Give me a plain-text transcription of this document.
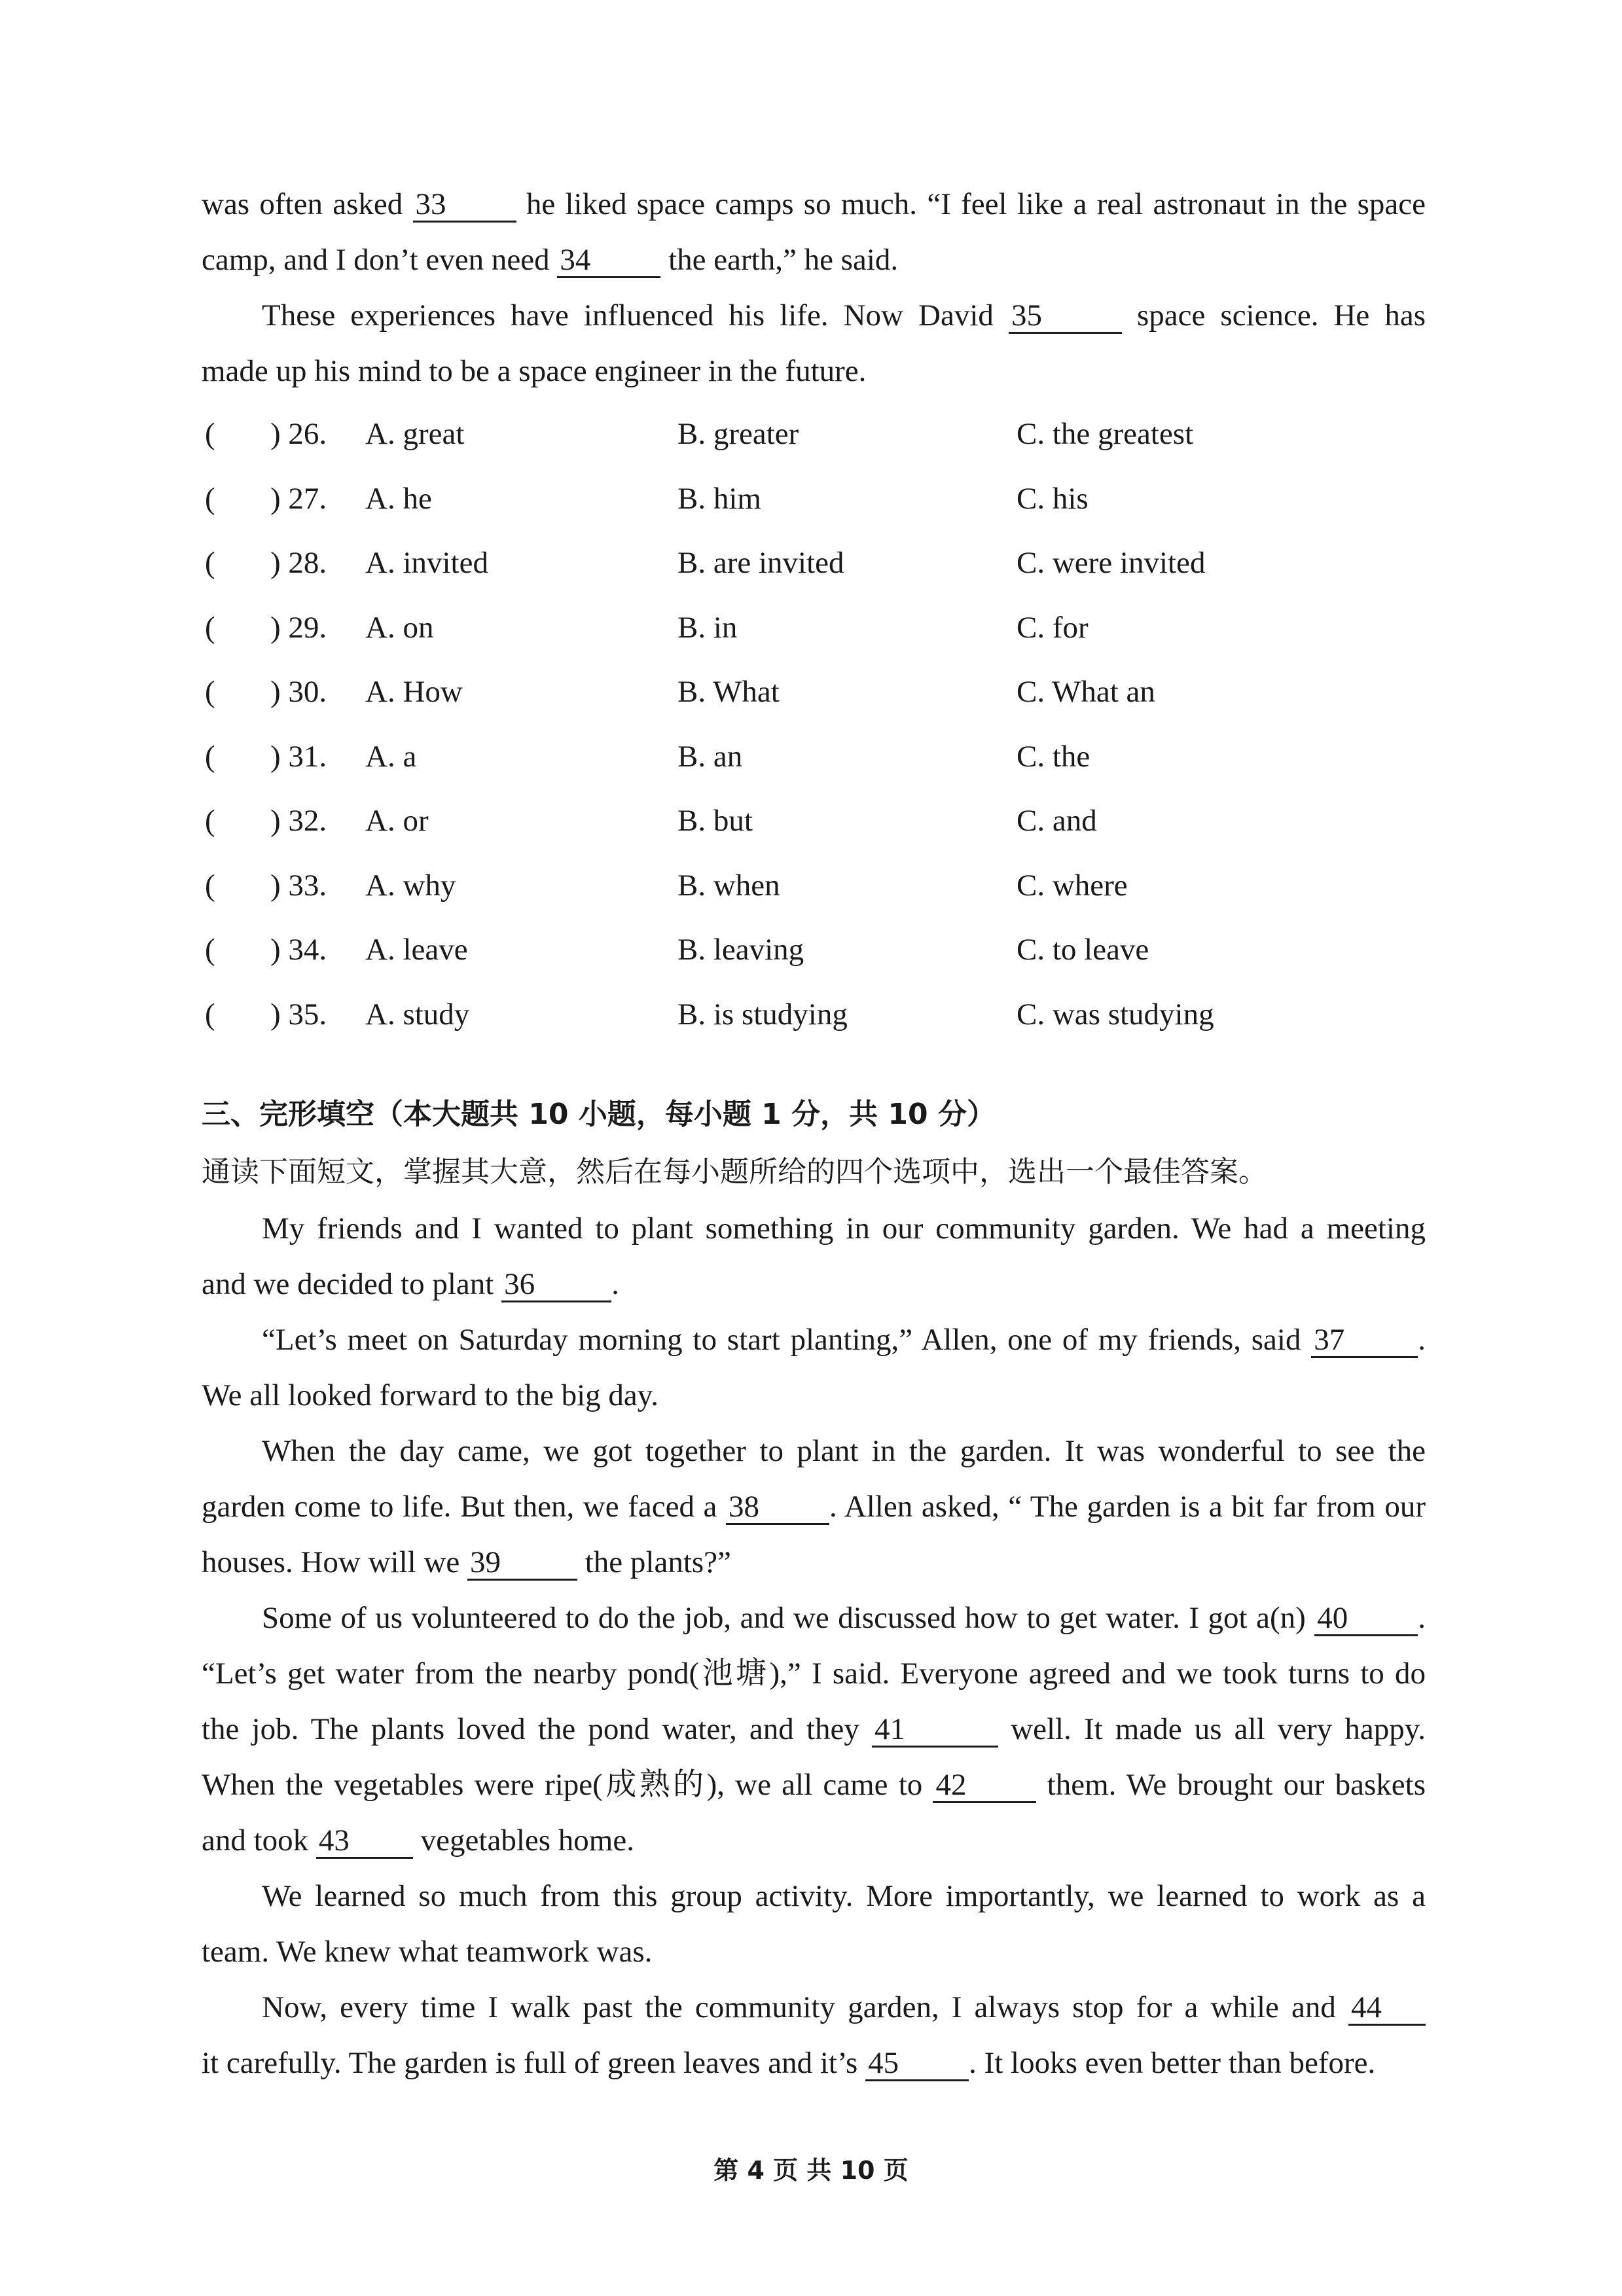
was often asked 33 he liked space camps so much. “I feel like a real astronaut in the space
camp, and I don’t even need 34 the earth,” he said.
These experiences have influenced his life. Now David 35	space science. He has
made up his mind to be a space engineer in the future.
( ) 26. A. great	B. greater	C. the greatest
( ) 27. A. he	B. him	C. his
( ) 28. A. invited	B. are invited	C. were invited
( ) 29. A. on	B. in	C. for
( ) 30. A. How	B. What	C. What an
( ) 31. A. a	B. an	C. the
( ) 32. A. or	B. but	C. and
( ) 33. A. why	B. when	C. where
( ) 34. A. leave	B. leaving	C. to leave
( ) 35. A. study	B. is studying	C. was studying
三、完形填空（本大题共 10 小题，每小题 1 分，共 10 分）
通读下面短文，掌握其大意，然后在每小题所给的四个选项中，选出一个最佳答案。
My friends and I wanted to plant something in our community garden. We had a meeting
and we decided to plant 36 .
“Let’s meet on Saturday morning to start planting,” Allen, one of my friends, said 37 .
We all looked forward to the big day.
When the day came, we got together to plant in the garden. It was wonderful to see the
garden come to life. But then, we faced a 38 . Allen asked, “ The garden is a bit far from our
houses. How will we 39 the plants?”
Some of us volunteered to do the job, and we discussed how to get water. I got a(n) 40 .
“Let’s get water from the nearby pond(池塘),” I said. Everyone agreed and we took turns to do
the job. The plants loved the pond water, and they 41	well. It made us all very happy.
When the vegetables were ripe(成熟的), we all came to 42 them. We brought our baskets
and took 43 vegetables home.
We learned so much from this group activity. More importantly, we learned to work as a
team. We knew what teamwork was.
Now, every time I walk past the community garden, I always stop for a while and 44
it carefully. The garden is full of green leaves and it’s 45 . It looks even better than before.
第 4 页 共 10 页
